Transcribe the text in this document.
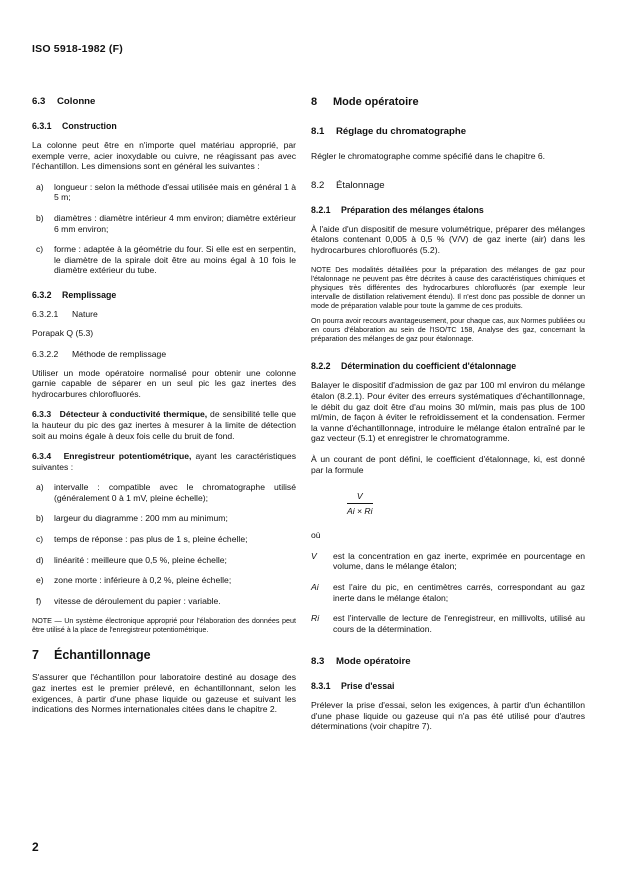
ISO 5918-1982 (F)
6.3 Colonne
6.3.1 Construction

La colonne peut être en n'importe quel matériau approprié, par exemple verre, acier inoxydable ou cuivre, ne réagissant pas avec l'échantillon. Les dimensions sont en général les suivantes :

a)	longueur : selon la méthode d'essai utilisée mais en général 1 à 5 m;
b)	diamètres : diamètre intérieur 4 mm environ; diamètre extérieur 6 mm environ;
c)	forme : adaptée à la géométrie du four. Si elle est en serpentin, le diamètre de la spirale doit être au moins égal à 10 fois le diamètre extérieur du tube.
6.3.2 Remplissage
6.3.2.1 Nature

Porapak Q (5.3)

6.3.2.2 Méthode de remplissage

Utiliser un mode opératoire normalisé pour obtenir une colonne garnie capable de séparer en un seul pic les gaz inertes des hydrocarbures chlorofluorés.

6.3.3 Détecteur à conductivité thermique, de sensibilité telle que la hauteur du pic des gaz inertes à mesurer à la limite de détection soit au moins égale à deux fois celle du bruit de fond.

6.3.4 Enregistreur potentiométrique, ayant les caractéristiques suivantes :

a)	intervalle : compatible avec le chromatographe utilisé (généralement 0 à 1 mV, pleine échelle);
b)	largeur du diagramme : 200 mm au minimum;
c)	temps de réponse : pas plus de 1 s, pleine échelle;
d)	linéarité : meilleure que 0,5 %, pleine échelle;
e)	zone morte : inférieure à 0,2 %, pleine échelle;
f)	vitesse de déroulement du papier : variable.
NOTE — Un système électronique approprié pour l'élaboration des données peut être utilisé à la place de l'enregistreur potentiométrique.
7 Échantillonnage

S'assurer que l'échantillon pour laboratoire destiné au dosage des gaz inertes est le premier prélevé, en échantillonnant, selon les exigences, à partir d'une phase liquide ou gazeuse et suivant les indications des Normes internationales citées dans le chapitre 2.

8 Mode opératoire
8.1 Réglage du chromatographe

Régler le chromatographe comme spécifié dans le chapitre 6.

8.2 Étalonnage
8.2.1 Préparation des mélanges étalons

À l'aide d'un dispositif de mesure volumétrique, préparer des mélanges étalons contenant 0,005 à 0,5 % (V/V) de gaz inerte (air) dans les hydrocarbures chlorofluorés (5.2).

NOTE Des modalités détaillées pour la préparation des mélanges de gaz pour l'étalonnage ne peuvent pas être décrites à cause des caractéristiques chimiques et physiques très différentes des hydrocarbures chlorofluorés (par exemple leur intervalle de distillation relativement étendu). Il n'est donc pas possible de donner un mode de préparation valable pour toute la gamme de ces produits.
On pourra avoir recours avantageusement, pour chaque cas, aux Normes publiées ou en cours d'élaboration au sein de l'ISO/TC 158, Analyse des gaz, concernant la préparation des mélanges de gaz pour étalonnage.
8.2.2 Détermination du coefficient d'étalonnage

Balayer le dispositif d'admission de gaz par 100 ml environ du mélange étalon (8.2.1). Pour éviter des erreurs systématiques d'échantillonnage, le débit du gaz doit être d'au moins 30 ml/min, mais pas plus de 100 ml/min, de façon à éviter le refroidissement et la condensation. Fermer la vanne d'échantillonnage, introduire le mélange étalon entraîné par le gaz vecteur (5.1) et enregistrer le chromatogramme.

À un courant de pont défini, le coefficient d'étalonnage, ki, est donné par la formule

$\frac{V}{Ai \times Ri}$

où

V	est la concentration en gaz inerte, exprimée en pourcentage en volume, dans le mélange étalon;
Ai	est l'aire du pic, en centimètres carrés, correspondant au gaz inerte dans le mélange étalon;
Ri	est l'intervalle de lecture de l'enregistreur, en millivolts, utilisé au cours de la détermination.
8.3 Mode opératoire
8.3.1 Prise d'essai

Prélever la prise d'essai, selon les exigences, à partir d'un échantillon d'une phase liquide ou gazeuse qui n'a pas été utilisé pour d'autres déterminations (voir chapitre 7).

2
